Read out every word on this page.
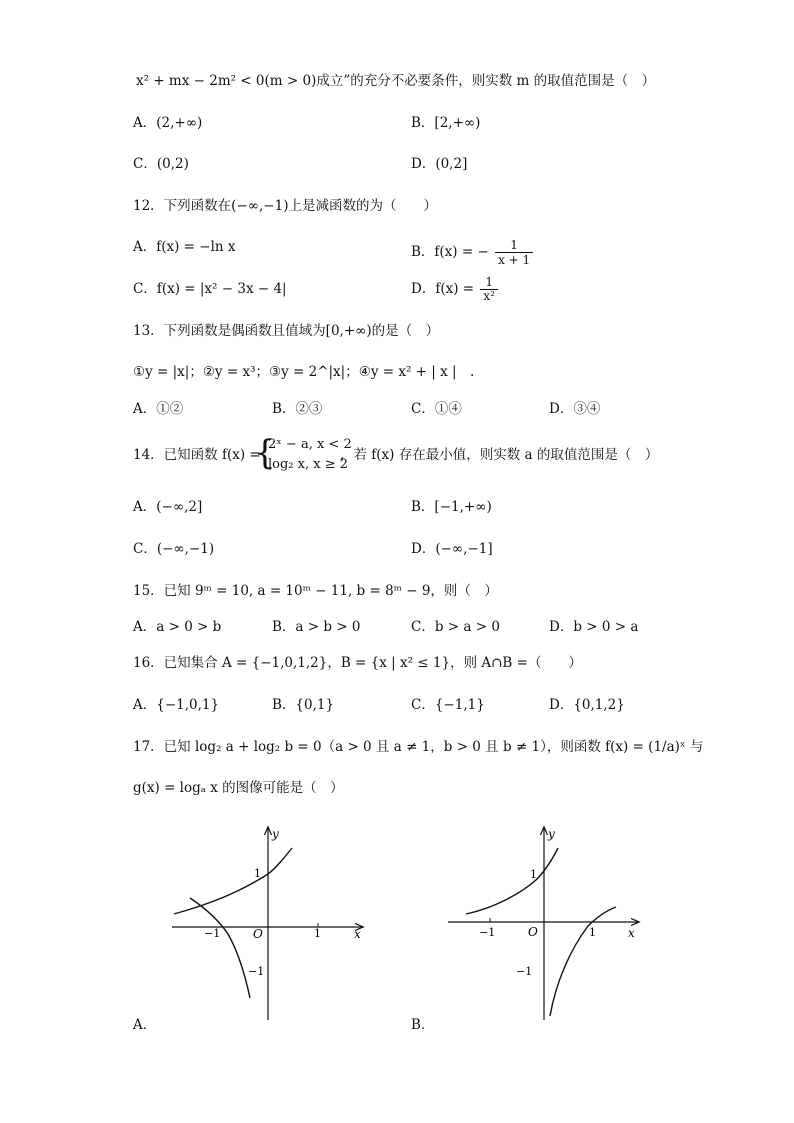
x² + mx − 2m² < 0(m > 0)成立”的充分不必要条件，则实数 m 的取值范围是（　）
A．(2,+∞)	B．[2,+∞)
C．(0,2)	D．(0,2]
12．下列函数在(−∞,−1)上是减函数的为（　　）
A．f(x) = −ln x	B．f(x) = − $\frac{1}{x + 1}$
C．f(x) = |x² − 3x − 4|	D．$f(x) = \frac{1}{\text{x²}}$
13．下列函数是偶函数且值域为[0,+∞)的是（　）
①y = |x|；②y = x³；③y = 2^|x|；④y = x² + | x |　.
A．①②	B．②③	C．①④	D．③④
14．已知函数 f(x) =
{
2ˣ − a, x < 2
log₂ x, x ≥ 2
，若 f(x) 存在最小值，则实数 a 的取值范围是（　）
A．(−∞,2]	B．[−1,+∞)
C．(−∞,−1)	D．(−∞,−1]
15．已知 9ᵐ = 10, a = 10ᵐ − 11, b = 8ᵐ − 9，则（　）
A．a > 0 > b	B．a > b > 0	C．b > a > 0	D．b > 0 > a
16．已知集合 A = {−1,0,1,2}，B = {x | x² ≤ 1}，则 A∩B =（　　）
A．{−1,0,1}	B．{0,1}	C．{−1,1}	D．{0,1,2}
17．已知 log₂ a + log₂ b = 0（a > 0 且 a ≠ 1，b > 0 且 b ≠ 1），则函数 f(x) = (1/a)ˣ 与
g(x) = logₐ x 的图像可能是（　）
y
x
O	1
−1
1
−1
y
x
O	1
−1
1
−1
A．	B．
